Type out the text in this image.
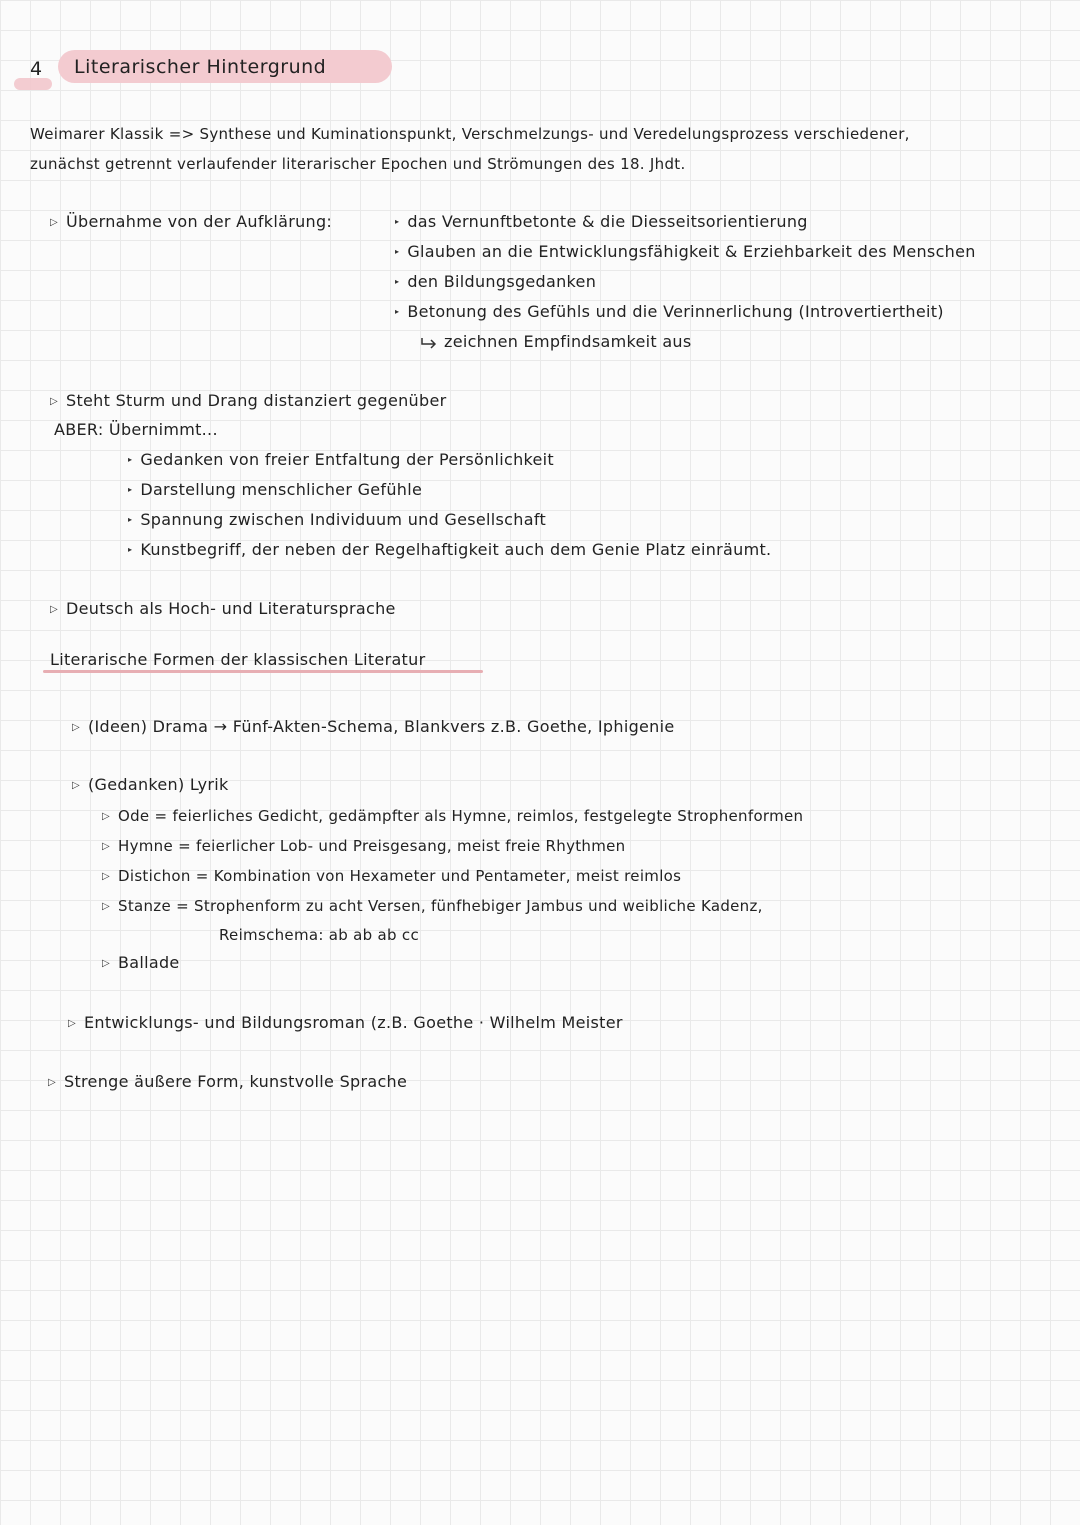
4 Literarischer Hintergrund
Weimarer Klassik => Synthese und Kuminationspunkt, Verschmelzungs- und Veredelungsprozess verschiedener,
zunächst getrennt verlaufender literarischer Epochen und Strömungen des 18. Jhdt.
▷ Übernahme von der Aufklärung:	▸ das Vernunftbetonte & die Diesseitsorientierung
▸ Glauben an die Entwicklungsfähigkeit & Erziehbarkeit des Menschen
▸ den Bildungsgedanken
▸ Betonung des Gefühls und die Verinnerlichung (Introvertiertheit)
zeichnen Empfindsamkeit aus
▷ Steht Sturm und Drang distanziert gegenüber
ABER: Übernimmt...
▸ Gedanken von freier Entfaltung der Persönlichkeit
▸ Darstellung menschlicher Gefühle
▸ Spannung zwischen Individuum und Gesellschaft
▸ Kunstbegriff, der neben der Regelhaftigkeit auch dem Genie Platz einräumt.
▷ Deutsch als Hoch- und Literatursprache
Literarische Formen der klassischen Literatur
▷ (Ideen) Drama → Fünf-Akten-Schema, Blankvers z.B. Goethe, Iphigenie
▷ (Gedanken) Lyrik
▷ Ode = feierliches Gedicht, gedämpfter als Hymne, reimlos, festgelegte Strophenformen
▷ Hymne = feierlicher Lob- und Preisgesang, meist freie Rhythmen
▷ Distichon = Kombination von Hexameter und Pentameter, meist reimlos
▷ Stanze = Strophenform zu acht Versen, fünfhebiger Jambus und weibliche Kadenz,
Reimschema: ab ab ab cc
▷ Ballade
▷ Entwicklungs- und Bildungsroman (z.B. Goethe · Wilhelm Meister
▷ Strenge äußere Form, kunstvolle Sprache
